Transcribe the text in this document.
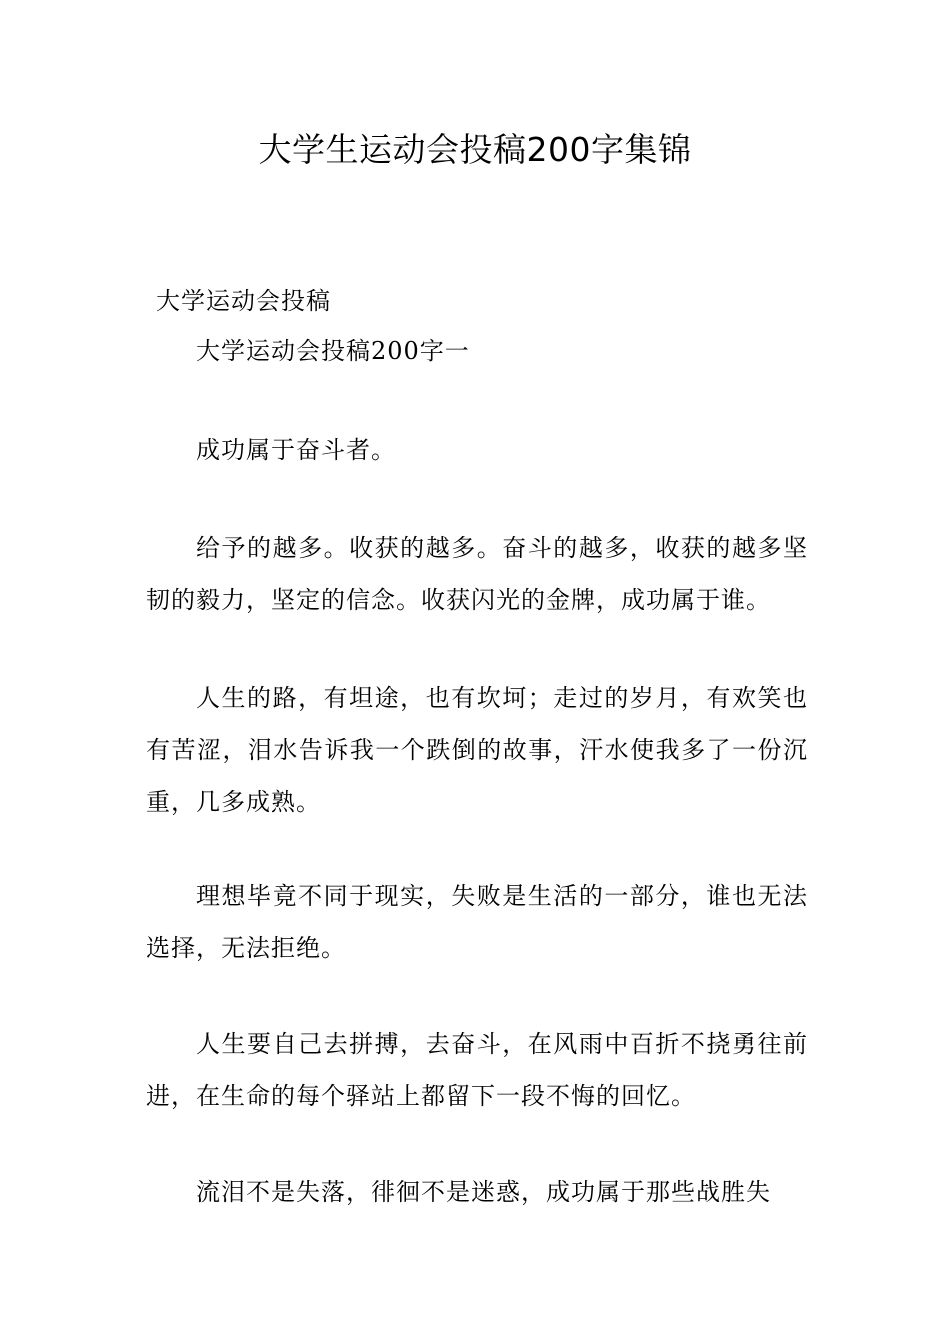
大学生运动会投稿200字集锦
大学运动会投稿
大学运动会投稿200字一

成功属于奋斗者。

给予的越多。收获的越多。奋斗的越多，收获的越多坚韧的毅力，坚定的信念。收获闪光的金牌，成功属于谁。

人生的路，有坦途，也有坎坷；走过的岁月，有欢笑也有苦涩，泪水告诉我一个跌倒的故事，汗水使我多了一份沉重，几多成熟。

理想毕竟不同于现实，失败是生活的一部分，谁也无法选择，无法拒绝。

人生要自己去拼搏，去奋斗，在风雨中百折不挠勇往前进，在生命的每个驿站上都留下一段不悔的回忆。

流泪不是失落，徘徊不是迷惑，成功属于那些战胜失
